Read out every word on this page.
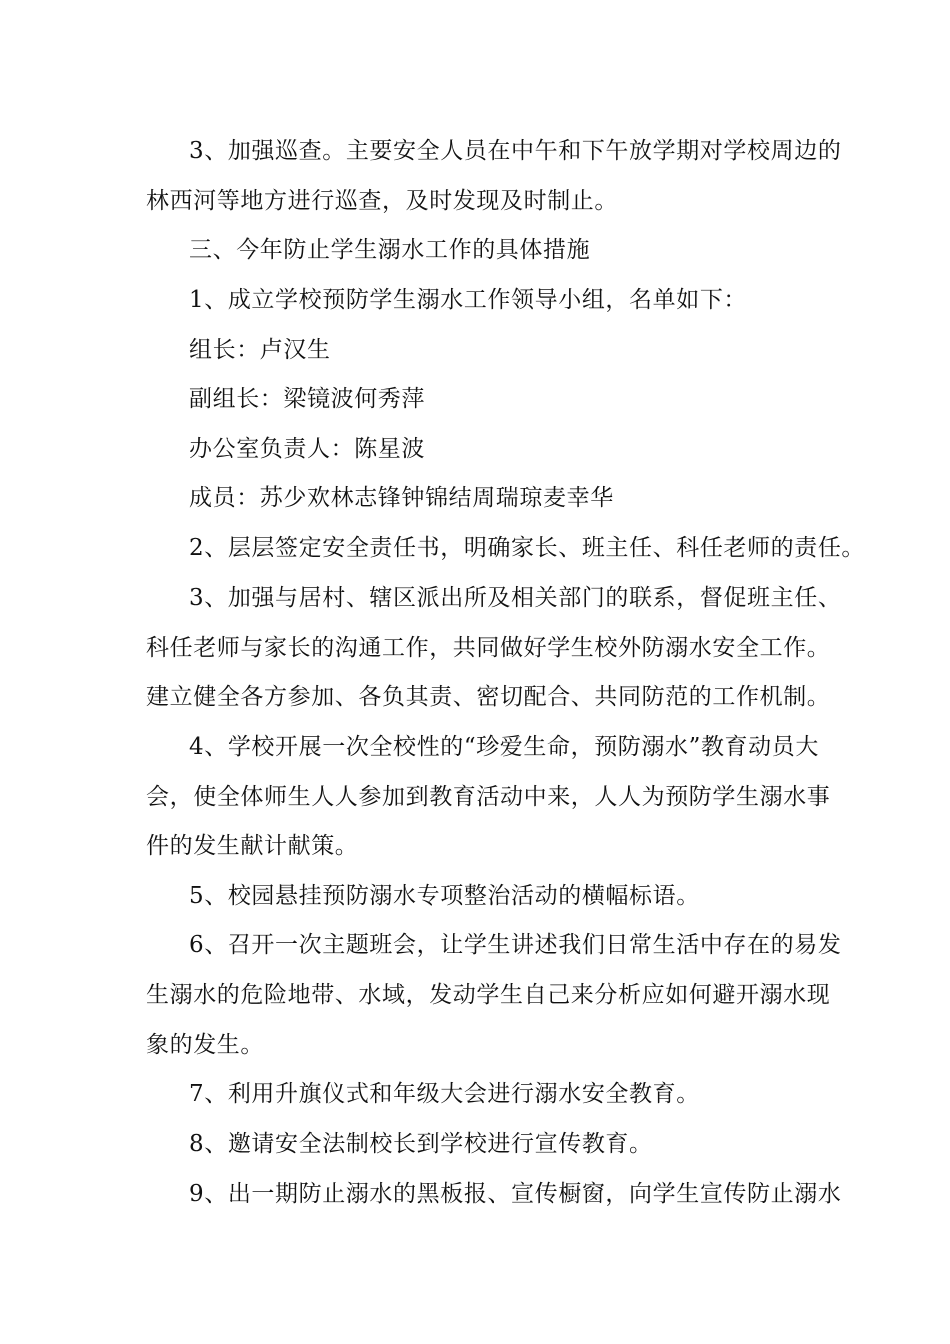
3、加强巡查。主要安全人员在中午和下午放学期对学校周边的
林西河等地方进行巡查，及时发现及时制止。
三、今年防止学生溺水工作的具体措施
1、成立学校预防学生溺水工作领导小组，名单如下：
组长：卢汉生
副组长：梁镜波何秀萍
办公室负责人：陈星波
成员：苏少欢林志锋钟锦结周瑞琼麦幸华
2、层层签定安全责任书，明确家长、班主任、科任老师的责任。
3、加强与居村、辖区派出所及相关部门的联系，督促班主任、
科任老师与家长的沟通工作，共同做好学生校外防溺水安全工作。
建立健全各方参加、各负其责、密切配合、共同防范的工作机制。
4、学校开展一次全校性的“珍爱生命，预防溺水”教育动员大
会，使全体师生人人参加到教育活动中来，人人为预防学生溺水事
件的发生献计献策。
5、校园悬挂预防溺水专项整治活动的横幅标语。
6、召开一次主题班会，让学生讲述我们日常生活中存在的易发
生溺水的危险地带、水域，发动学生自己来分析应如何避开溺水现
象的发生。
7、利用升旗仪式和年级大会进行溺水安全教育。
8、邀请安全法制校长到学校进行宣传教育。
9、出一期防止溺水的黑板报、宣传橱窗，向学生宣传防止溺水
